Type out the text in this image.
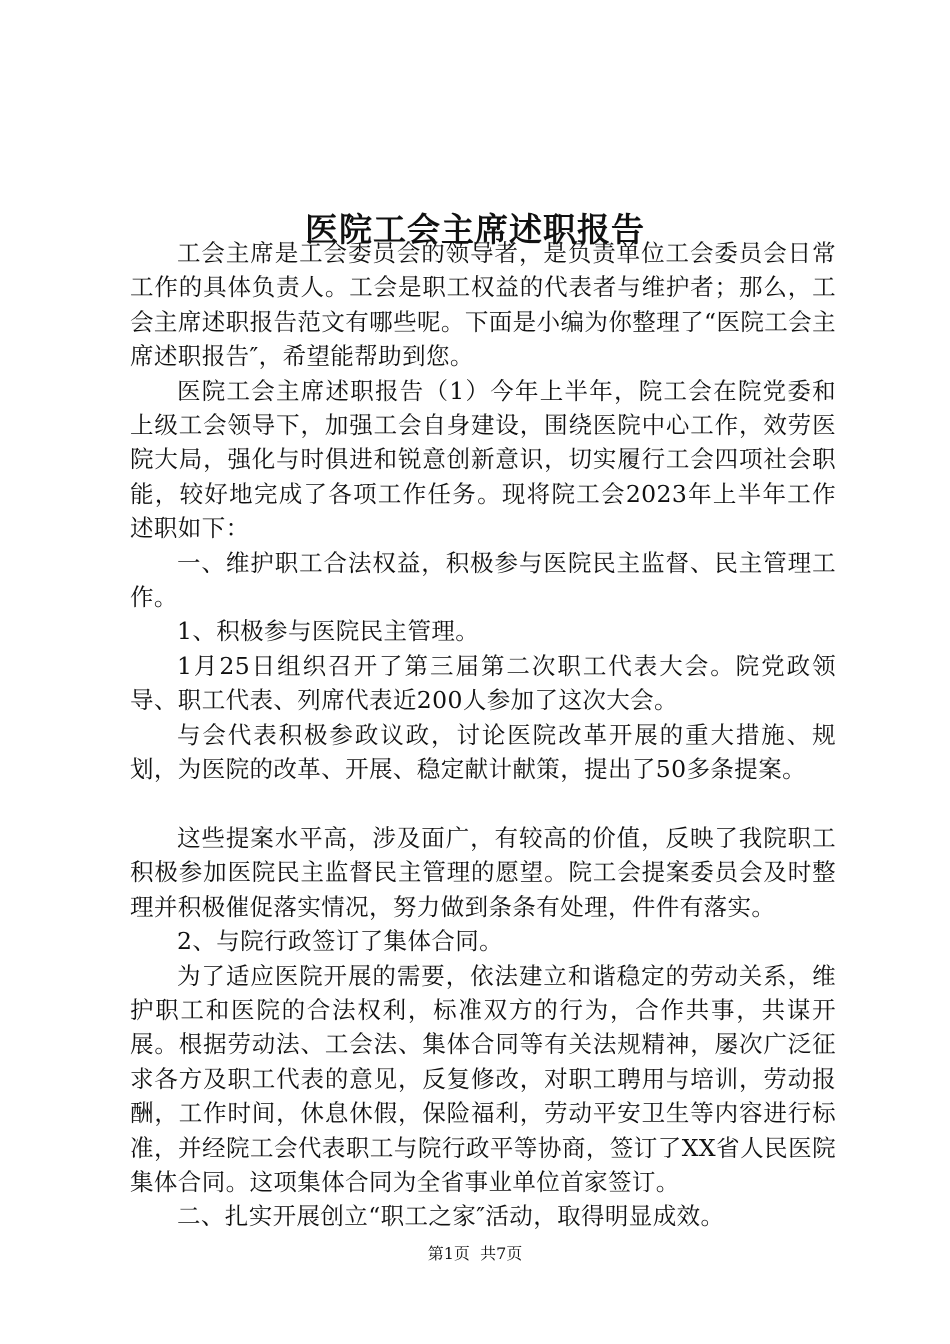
医院工会主席述职报告

工会主席是工会委员会的领导者，是负责单位工会委员会日常工作的具体负责人。工会是职工权益的代表者与维护者；那么，工会主席述职报告范文有哪些呢。下面是小编为你整理了“医院工会主席述职报告″，希望能帮助到您。

医院工会主席述职报告（1）今年上半年，院工会在院党委和上级工会领导下，加强工会自身建设，围绕医院中心工作，效劳医院大局，强化与时俱进和锐意创新意识，切实履行工会四项社会职能，较好地完成了各项工作任务。现将院工会2023年上半年工作述职如下：

一、维护职工合法权益，积极参与医院民主监督、民主管理工作。

1、积极参与医院民主管理。

1月25日组织召开了第三届第二次职工代表大会。院党政领导、职工代表、列席代表近200人参加了这次大会。

与会代表积极参政议政，讨论医院改革开展的重大措施、规划，为医院的改革、开展、稳定献计献策，提出了50多条提案。

这些提案水平高，涉及面广，有较高的价值，反映了我院职工积极参加医院民主监督民主管理的愿望。院工会提案委员会及时整理并积极催促落实情况，努力做到条条有处理，件件有落实。

2、与院行政签订了集体合同。

为了适应医院开展的需要，依法建立和谐稳定的劳动关系，维护职工和医院的合法权利，标准双方的行为，合作共事，共谋开展。根据劳动法、工会法、集体合同等有关法规精神，屡次广泛征求各方及职工代表的意见，反复修改，对职工聘用与培训，劳动报酬，工作时间，休息休假，保险福利，劳动平安卫生等内容进行标准，并经院工会代表职工与院行政平等协商，签订了XX省人民医院集体合同。这项集体合同为全省事业单位首家签订。

二、扎实开展创立“职工之家″活动，取得明显成效。

第1页  共7页
